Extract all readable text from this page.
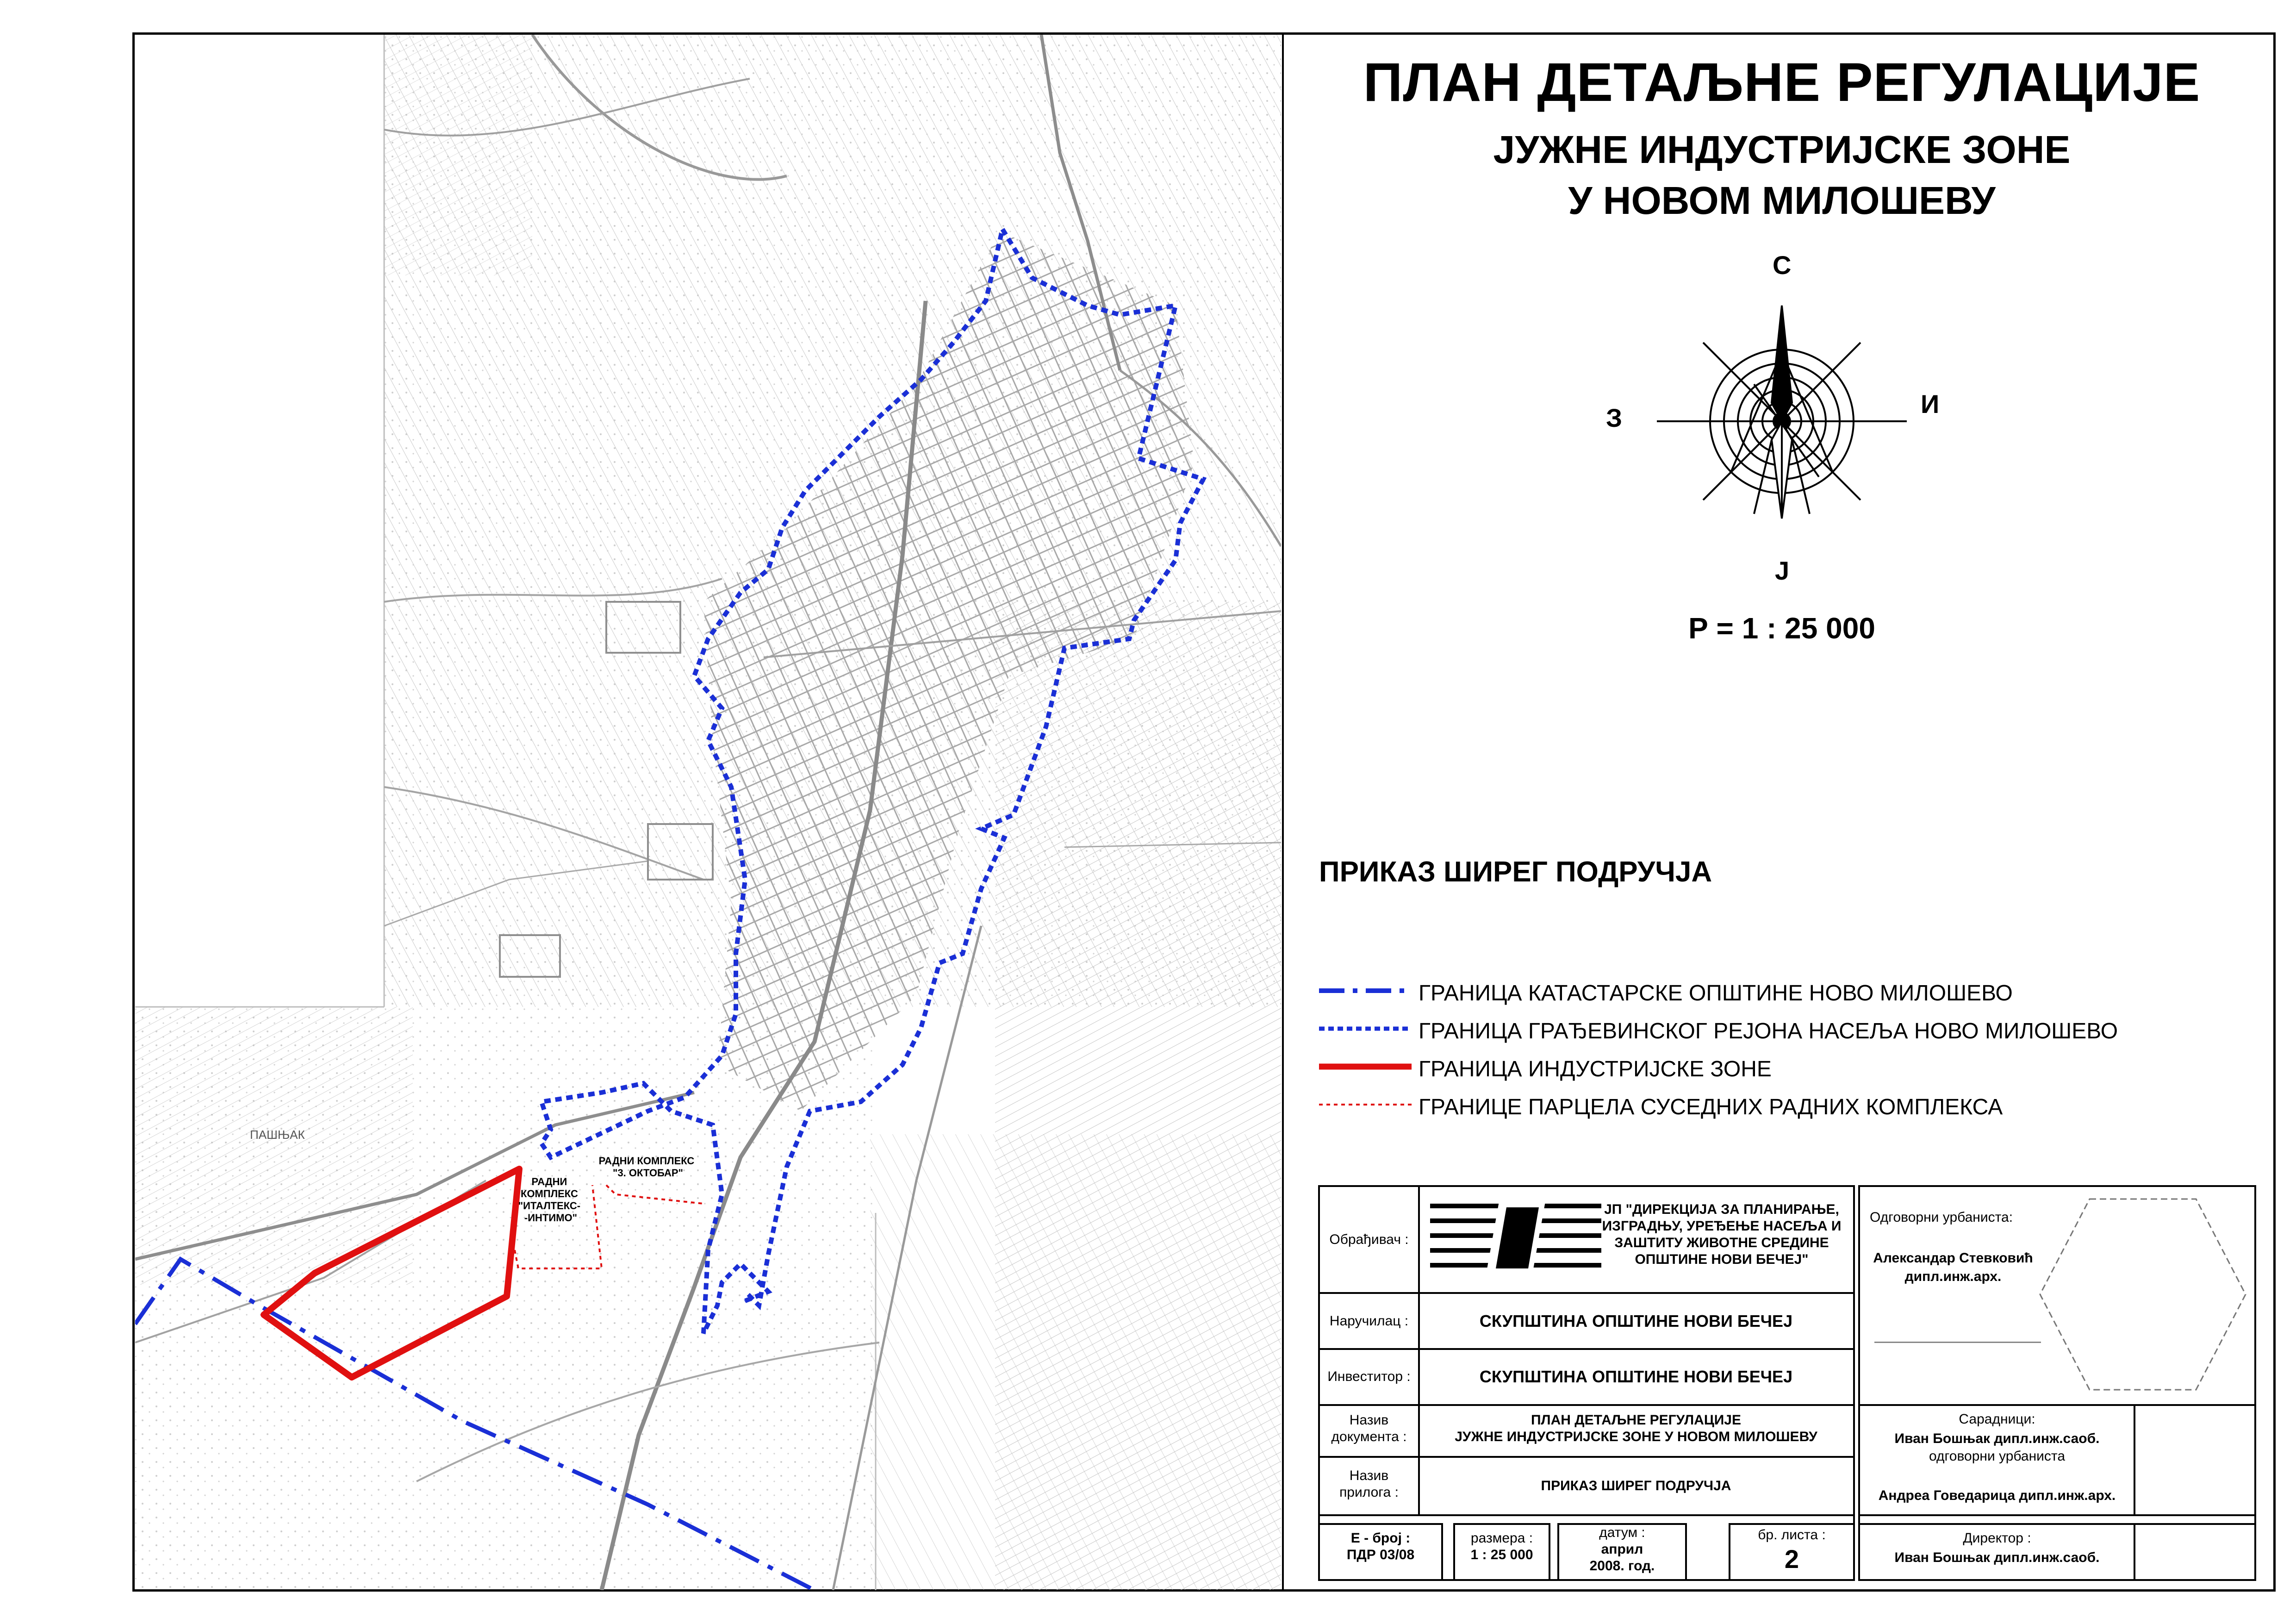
РАДНИ КОМПЛЕКС "ИТАЛТЕКС- -ИНТИМО"
РАДНИ КОМПЛЕКС "3. ОКТОБАР"
ПАШЊАК
ПЛАН ДЕТАЉНЕ РЕГУЛАЦИЈЕ
ЈУЖНЕ ИНДУСТРИЈСКЕ ЗОНЕ
У НОВОМ МИЛОШЕВУ
С
Ј
З	И
Р = 1 : 25 000
ПРИКАЗ ШИРЕГ ПОДРУЧЈА
ГРАНИЦА КАТАСТАРСКЕ ОПШТИНЕ НОВО МИЛОШЕВО
ГРАНИЦА ГРАЂЕВИНСКОГ РЕЈОНА НАСЕЉА НОВО МИЛОШЕВО
ГРАНИЦА ИНДУСТРИЈСКЕ ЗОНЕ
ГРАНИЦЕ ПАРЦЕЛА СУСЕДНИХ РАДНИХ КОМПЛЕКСА
Обрађивач :
ЈП "ДИРЕКЦИЈА ЗА ПЛАНИРАЊЕ,
ИЗГРАДЊУ, УРЕЂЕЊЕ НАСЕЉА И
ЗАШТИТУ ЖИВОТНЕ СРЕДИНЕ
ОПШТИНЕ НОВИ БЕЧЕЈ"
Наручилац :	СКУПШТИНА ОПШТИНЕ НОВИ БЕЧЕЈ
Инвеститор :	СКУПШТИНА ОПШТИНЕ НОВИ БЕЧЕЈ
Назив
документа :
ПЛАН ДЕТАЉНЕ РЕГУЛАЦИЈЕ
ЈУЖНЕ ИНДУСТРИЈСКЕ ЗОНЕ У НОВОМ МИЛОШЕВУ
Назив
прилога :	ПРИКАЗ ШИРЕГ ПОДРУЧЈА
Е - број :
ПДР 03/08
размера :
1 : 25 000
датум :
април
2008. год.
бр. листа :
2
Одговорни урбаниста:
Александар Стевковић
дипл.инж.арх.
Сарадници:
Иван Бошњак дипл.инж.саоб.
одговорни урбаниста
Андреа Говедарица дипл.инж.арх.
Директор :
Иван Бошњак дипл.инж.саоб.
